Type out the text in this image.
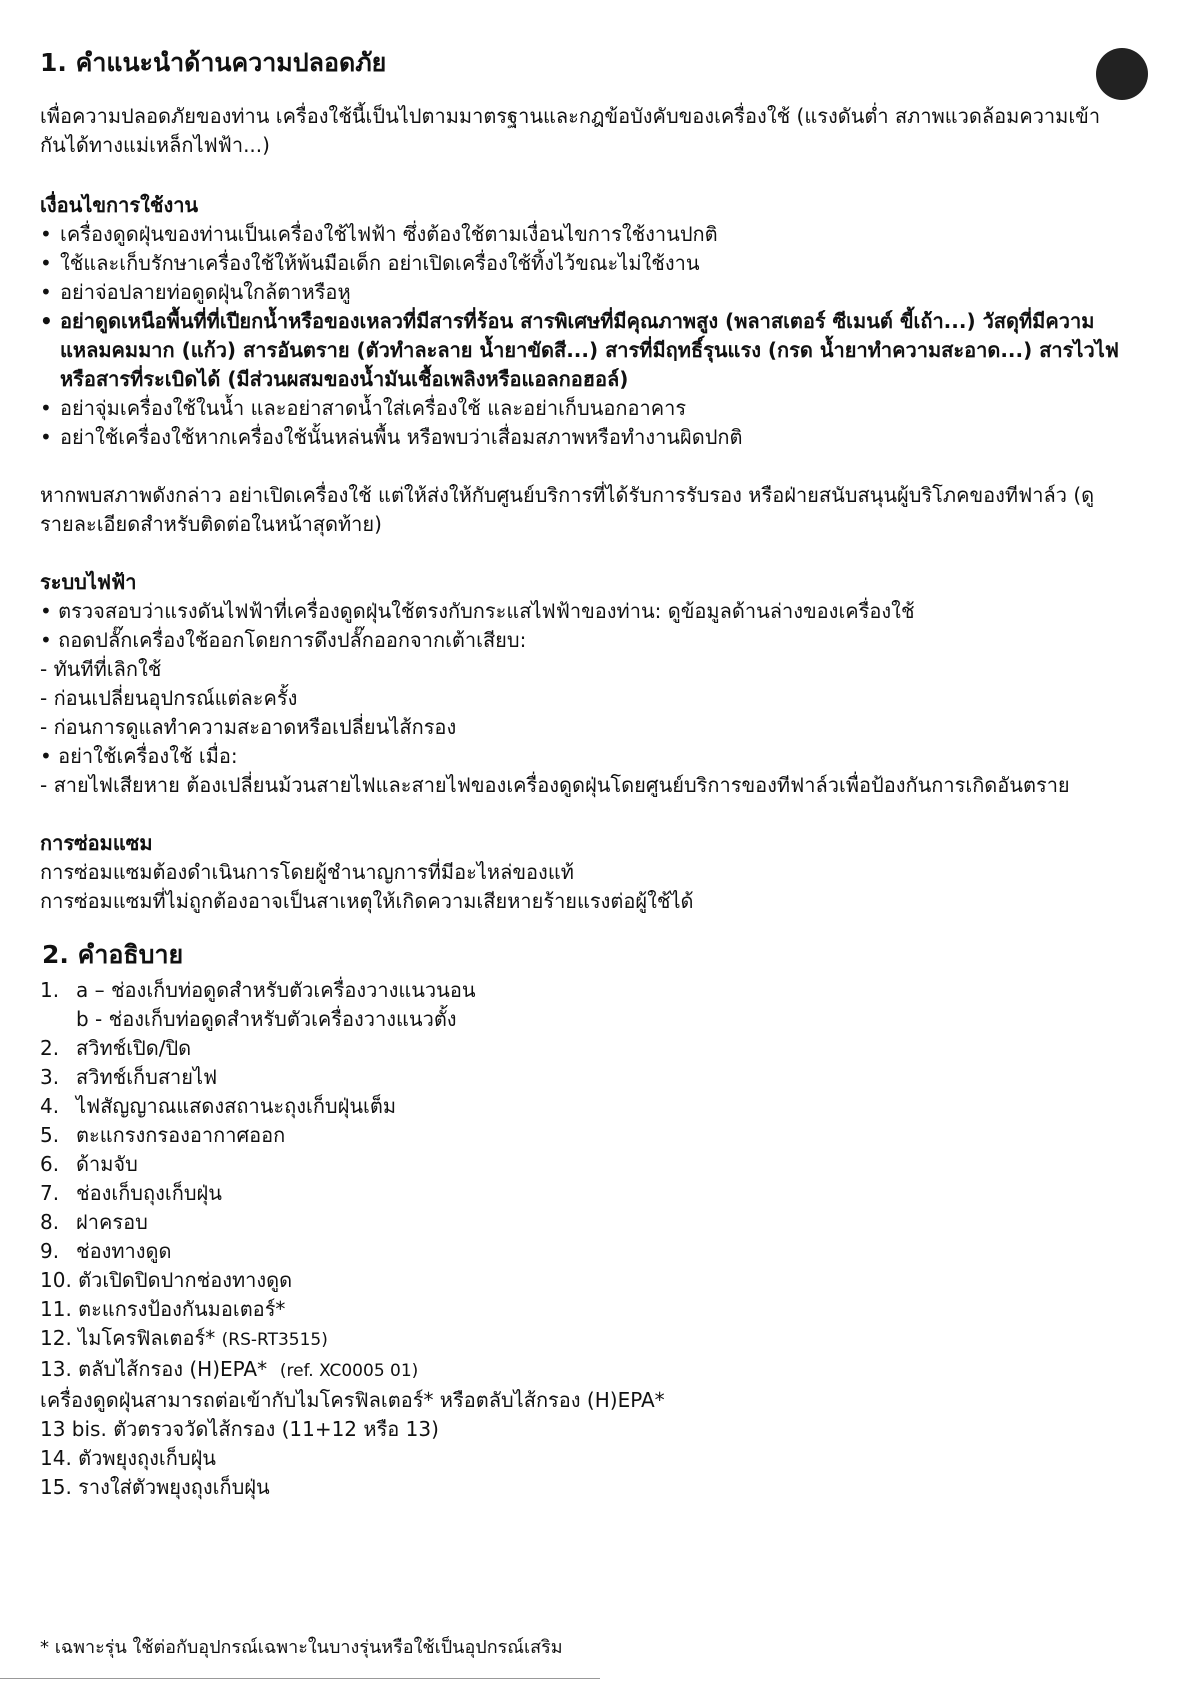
1. คำแนะนำด้านความปลอดภัย

เพื่อความปลอดภัยของท่าน เครื่องใช้นี้เป็นไปตามมาตรฐานและกฎข้อบังคับของเครื่องใช้ (แรงดันต่ำ สภาพแวดล้อมความเข้ากันได้ทางแม่เหล็กไฟฟ้า...)

เงื่อนไขการใช้งาน

• เครื่องดูดฝุ่นของท่านเป็นเครื่องใช้ไฟฟ้า ซึ่งต้องใช้ตามเงื่อนไขการใช้งานปกติ
• ใช้และเก็บรักษาเครื่องใช้ให้พ้นมือเด็ก อย่าเปิดเครื่องใช้ทิ้งไว้ขณะไม่ใช้งาน
• อย่าจ่อปลายท่อดูดฝุ่นใกล้ตาหรือหู
• อย่าดูดเหนือพื้นที่ที่เปียกน้ำหรือของเหลวที่มีสารที่ร้อน สารพิเศษที่มีคุณภาพสูง (พลาสเตอร์ ซีเมนต์ ขี้เถ้า...) วัสดุที่มีความแหลมคมมาก (แก้ว) สารอันตราย (ตัวทำละลาย น้ำยาขัดสี...) สารที่มีฤทธิ์รุนแรง (กรด น้ำยาทำความสะอาด...) สารไวไฟหรือสารที่ระเบิดได้ (มีส่วนผสมของน้ำมันเชื้อเพลิงหรือแอลกอฮอล์)
• อย่าจุ่มเครื่องใช้ในน้ำ และอย่าสาดน้ำใส่เครื่องใช้ และอย่าเก็บนอกอาคาร
• อย่าใช้เครื่องใช้หากเครื่องใช้นั้นหล่นพื้น หรือพบว่าเสื่อมสภาพหรือทำงานผิดปกติ

หากพบสภาพดังกล่าว อย่าเปิดเครื่องใช้ แต่ให้ส่งให้กับศูนย์บริการที่ได้รับการรับรอง หรือฝ่ายสนับสนุนผู้บริโภคของทีฟาล์ว (ดูรายละเอียดสำหรับติดต่อในหน้าสุดท้าย)

ระบบไฟฟ้า

• ตรวจสอบว่าแรงดันไฟฟ้าที่เครื่องดูดฝุ่นใช้ตรงกับกระแสไฟฟ้าของท่าน: ดูข้อมูลด้านล่างของเครื่องใช้

• ถอดปลั๊กเครื่องใช้ออกโดยการดึงปลั๊กออกจากเต้าเสียบ:

- ทันทีที่เลิกใช้

- ก่อนเปลี่ยนอุปกรณ์แต่ละครั้ง

- ก่อนการดูแลทำความสะอาดหรือเปลี่ยนไส้กรอง

• อย่าใช้เครื่องใช้ เมื่อ:

- สายไฟเสียหาย ต้องเปลี่ยนม้วนสายไฟและสายไฟของเครื่องดูดฝุ่นโดยศูนย์บริการของทีฟาล์วเพื่อป้องกันการเกิดอันตราย

การซ่อมแซม

การซ่อมแซมต้องดำเนินการโดยผู้ชำนาญการที่มีอะไหล่ของแท้

การซ่อมแซมที่ไม่ถูกต้องอาจเป็นสาเหตุให้เกิดความเสียหายร้ายแรงต่อผู้ใช้ได้

2. คำอธิบาย
1. a – ช่องเก็บท่อดูดสำหรับตัวเครื่องวางแนวนอน
b - ช่องเก็บท่อดูดสำหรับตัวเครื่องวางแนวตั้ง
2. สวิทช์เปิด/ปิด
3. สวิทช์เก็บสายไฟ
4. ไฟสัญญาณแสดงสถานะถุงเก็บฝุ่นเต็ม
5. ตะแกรงกรองอากาศออก
6. ด้ามจับ
7. ช่องเก็บถุงเก็บฝุ่น
8. ฝาครอบ
9. ช่องทางดูด

10. ตัวเปิดปิดปากช่องทางดูด

11. ตะแกรงป้องกันมอเตอร์*

12. ไมโครฟิลเตอร์* (RS-RT3515)

13. ตลับไส้กรอง (H)EPA* (ref. XC0005 01)

เครื่องดูดฝุ่นสามารถต่อเข้ากับไมโครฟิลเตอร์* หรือตลับไส้กรอง (H)EPA*

13 bis. ตัวตรวจวัดไส้กรอง (11+12 หรือ 13)

14. ตัวพยุงถุงเก็บฝุ่น

15. รางใส่ตัวพยุงถุงเก็บฝุ่น

* เฉพาะรุ่น ใช้ต่อกับอุปกรณ์เฉพาะในบางรุ่นหรือใช้เป็นอุปกรณ์เสริม
